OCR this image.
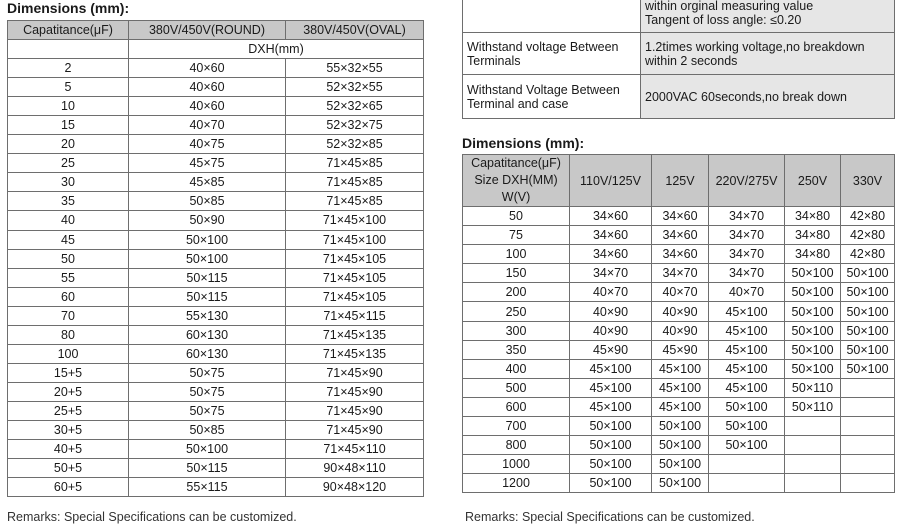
Dimensions (mm):
Capatitance(μF)	380V/450V(ROUND)	380V/450V(OVAL)
	DXH(mm)	
2	40×60	55×32×55
5	40×60	52×32×55
10	40×60	52×32×65
15	40×70	52×32×75
20	40×75	52×32×85
25	45×75	71×45×85
30	45×85	71×45×85
35	50×85	71×45×85
40	50×90	71×45×100
45	50×100	71×45×100
50	50×100	71×45×105
55	50×115	71×45×105
60	50×115	71×45×105
70	55×130	71×45×115
80	60×130	71×45×135
100	60×130	71×45×135
15+5	50×75	71×45×90
20+5	50×75	71×45×90
25+5	50×75	71×45×90
30+5	50×85	71×45×90
40+5	50×100	71×45×110
50+5	50×115	90×48×110
60+5	55×115	90×48×120
Remarks: Special Specifications can be customized.

	within orginal measuring value
Tangent of loss angle: ≤0.20

Withstand voltage Between Terminals	1.2times working voltage,no breakdown
within 2 seconds

Withstand Voltage Between Terminal and case	2000VAC 60seconds,no break down
Dimensions (mm):
Capatitance(μF)	110V/125V	125V	220V/275V	250V	330V
Size DXH(MM)					
W(V)					
50	34×60	34×60	34×70	34×80	42×80
75	34×60	34×60	34×70	34×80	42×80
100	34×60	34×60	34×70	34×80	42×80
150	34×70	34×70	34×70	50×100	50×100
200	40×70	40×70	40×70	50×100	50×100
250	40×90	40×90	45×100	50×100	50×100
300	40×90	40×90	45×100	50×100	50×100
350	45×90	45×90	45×100	50×100	50×100
400	45×100	45×100	45×100	50×100	50×100
500	45×100	45×100	45×100	50×110	
600	45×100	45×100	50×100	50×110	
700	50×100	50×100	50×100		
800	50×100	50×100	50×100		
1000	50×100	50×100			
1200	50×100	50×100			
Remarks: Special Specifications can be customized.
